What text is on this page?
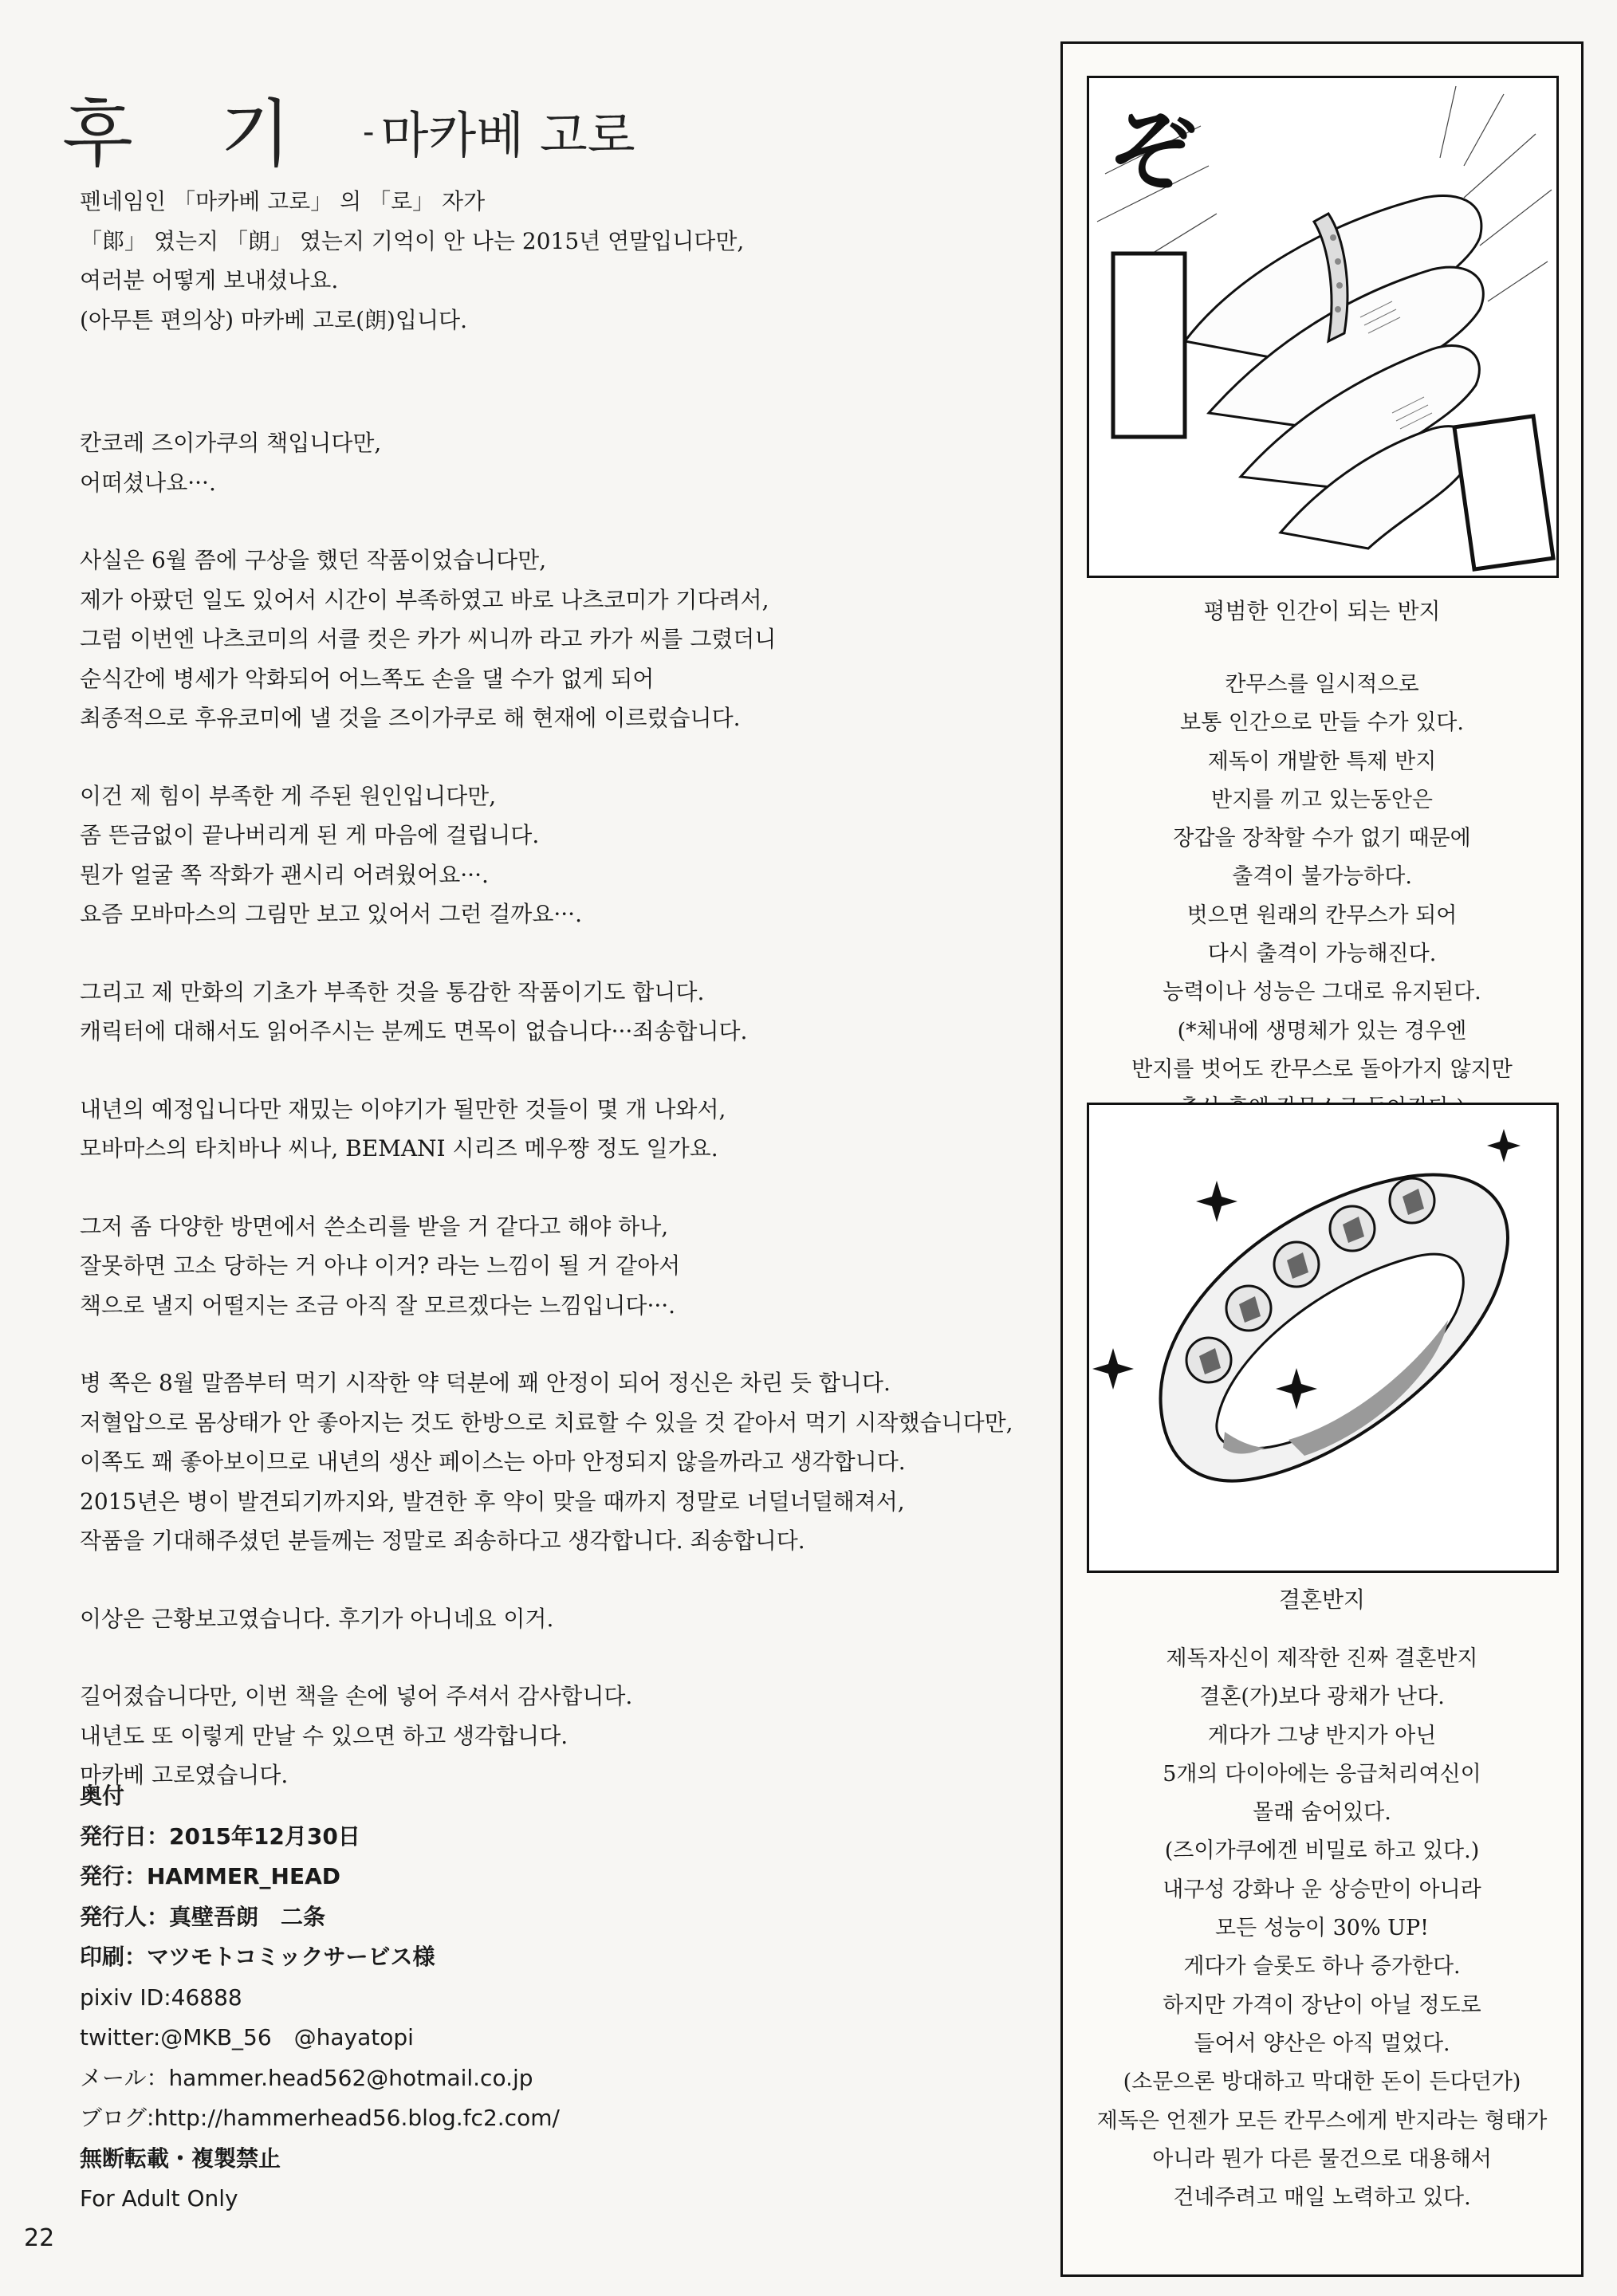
후 기 - 마카베 고로

펜네임인 「마카베 고로」 의 「로」 자가
「郞」 였는지 「朗」 였는지 기억이 안 나는 2015년 연말입니다만,
여러분 어떻게 보내셨나요.
(아무튼 편의상) 마카베 고로(朗)입니다.

칸코레 즈이가쿠의 책입니다만,
어떠셨나요···.

사실은 6월 쯤에 구상을 했던 작품이었습니다만,
제가 아팠던 일도 있어서 시간이 부족하였고 바로 나츠코미가 기다려서,
그럼 이번엔 나츠코미의 서클 컷은 카가 씨니까 라고 카가 씨를 그렸더니
순식간에 병세가 악화되어 어느쪽도 손을 댈 수가 없게 되어
최종적으로 후유코미에 낼 것을 즈이가쿠로 해 현재에 이르렀습니다.

이건 제 힘이 부족한 게 주된 원인입니다만,
좀 뜬금없이 끝나버리게 된 게 마음에 걸립니다.
뭔가 얼굴 쪽 작화가 괜시리 어려웠어요···.
요즘 모바마스의 그림만 보고 있어서 그런 걸까요···.

그리고 제 만화의 기초가 부족한 것을 통감한 작품이기도 합니다.
캐릭터에 대해서도 읽어주시는 분께도 면목이 없습니다···죄송합니다.

내년의 예정입니다만 재밌는 이야기가 될만한 것들이 몇 개 나와서,
모바마스의 타치바나 씨나, BEMANI 시리즈 메우쨩 정도 일가요.

그저 좀 다양한 방면에서 쓴소리를 받을 거 같다고 해야 하나,
잘못하면 고소 당하는 거 아냐 이거? 라는 느낌이 될 거 같아서
책으로 낼지 어떨지는 조금 아직 잘 모르겠다는 느낌입니다···.

병 쪽은 8월 말쯤부터 먹기 시작한 약 덕분에 꽤 안정이 되어 정신은 차린 듯 합니다.
저혈압으로 몸상태가 안 좋아지는 것도 한방으로 치료할 수 있을 것 같아서 먹기 시작했습니다만,
이쪽도 꽤 좋아보이므로 내년의 생산 페이스는 아마 안정되지 않을까라고 생각합니다.
2015년은 병이 발견되기까지와, 발견한 후 약이 맞을 때까지 정말로 너덜너덜해져서,
작품을 기대해주셨던 분들께는 정말로 죄송하다고 생각합니다. 죄송합니다.

이상은 근황보고였습니다. 후기가 아니네요 이거.

길어졌습니다만, 이번 책을 손에 넣어 주셔서 감사합니다.
내년도 또 이렇게 만날 수 있으면 하고 생각합니다.
마카베 고로였습니다.

奥付
発行日：2015年12月30日
発行：HAMMER_HEAD
発行人：真壁吾朗　二条
印刷：マツモトコミックサービス様
pixiv ID:46888
twitter:@MKB_56　@hayatopi
メール：hammer.head562@hotmail.co.jp
ブログ:http://hammerhead56.blog.fc2.com/
無断転載・複製禁止
For Adult Only
22
ぞ
평범한 인간이 되는 반지
칸무스를 일시적으로
보통 인간으로 만들 수가 있다.
제독이 개발한 특제 반지
반지를 끼고 있는동안은
장갑을 장착할 수가 없기 때문에
출격이 불가능하다.
벗으면 원래의 칸무스가 되어
다시 출격이 가능해진다.
능력이나 성능은 그대로 유지된다.
(*체내에 생명체가 있는 경우엔
반지를 벗어도 칸무스로 돌아가지 않지만
결혼반지
제독자신이 제작한 진짜 결혼반지
결혼(가)보다 광채가 난다.
게다가 그냥 반지가 아닌
5개의 다이아에는 응급처리여신이
몰래 숨어있다.
(즈이가쿠에겐 비밀로 하고 있다.)
내구성 강화나 운 상승만이 아니라
모든 성능이 30% UP!
게다가 슬롯도 하나 증가한다.
하지만 가격이 장난이 아닐 정도로
들어서 양산은 아직 멀었다.
(소문으론 방대하고 막대한 돈이 든다던가)
제독은 언젠가 모든 칸무스에게 반지라는 형태가
아니라 뭔가 다른 물건으로 대용해서
건네주려고 매일 노력하고 있다.
